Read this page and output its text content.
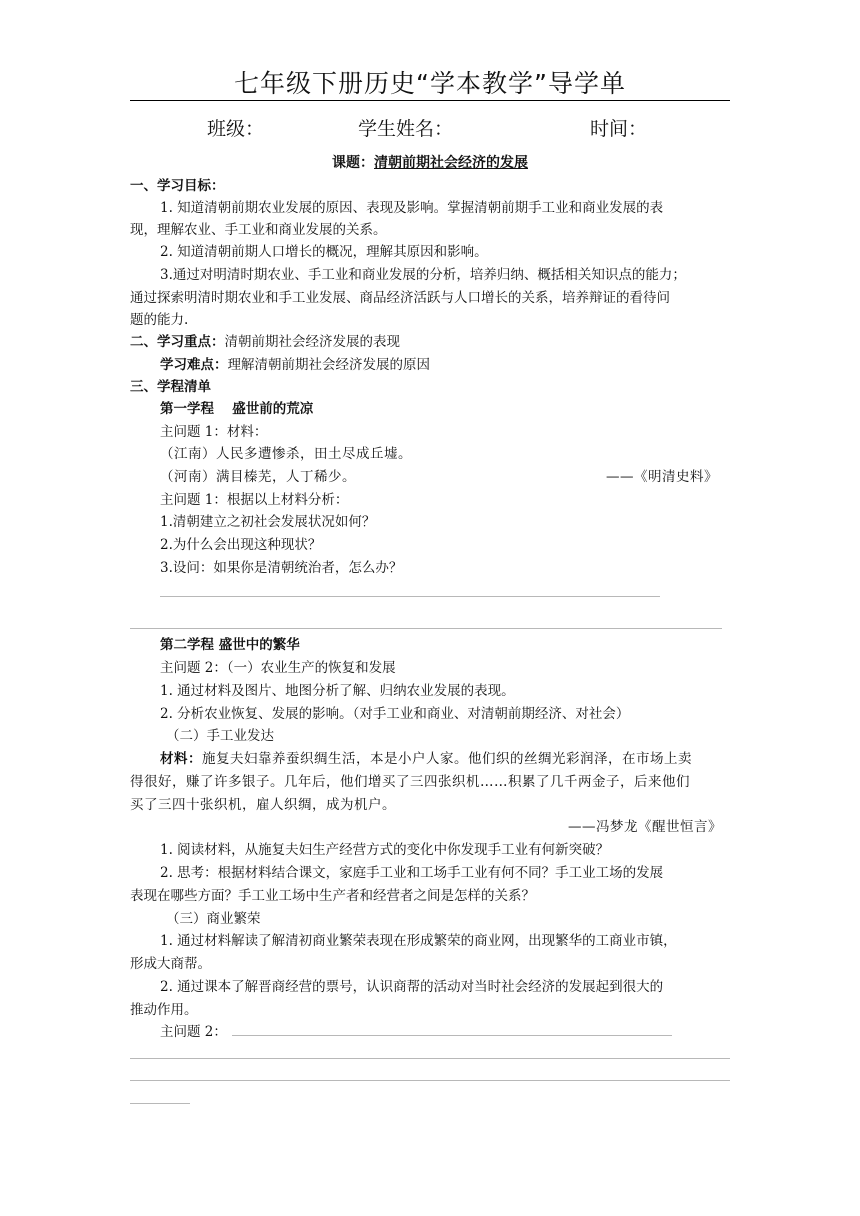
七年级下册历史“学本教学”导学单
班级：	学生姓名：	时间：
课题：清朝前期社会经济的发展
一、学习目标：
1. 知道清朝前期农业发展的原因、表现及影响。掌握清朝前期手工业和商业发展的表
现，理解农业、手工业和商业发展的关系。
2. 知道清朝前期人口增长的概况，理解其原因和影响。
3.通过对明清时期农业、手工业和商业发展的分析，培养归纳、概括相关知识点的能力；
通过探索明清时期农业和手工业发展、商品经济活跃与人口增长的关系，培养辩证的看待问
题的能力.
二、学习重点：清朝前期社会经济发展的表现
学习难点：理解清朝前期社会经济发展的原因
三、学程清单
第一学程　 盛世前的荒凉
主问题 1：材料：
（江南）人民多遭惨杀，田土尽成丘墟。
（河南）满目榛芜，人丁稀少。	——《明清史料》
主问题 1：根据以上材料分析：
1.清朝建立之初社会发展状况如何？
2.为什么会出现这种现状？
3.设问：如果你是清朝统治者，怎么办？
第二学程 盛世中的繁华
主问题 2：（一）农业生产的恢复和发展
1. 通过材料及图片、地图分析了解、归纳农业发展的表现。
2. 分析农业恢复、发展的影响。（对手工业和商业、对清朝前期经济、对社会）
（二）手工业发达
材料：施复夫妇靠养蚕织绸生活，本是小户人家。他们织的丝绸光彩润泽，在市场上卖
得很好，赚了许多银子。几年后，他们增买了三四张织机……积累了几千两金子，后来他们
买了三四十张织机，雇人织绸，成为机户。
——冯梦龙《醒世恒言》
1. 阅读材料，从施复夫妇生产经营方式的变化中你发现手工业有何新突破？
2. 思考：根据材料结合课文，家庭手工业和工场手工业有何不同？手工业工场的发展
表现在哪些方面？手工业工场中生产者和经营者之间是怎样的关系？
（三）商业繁荣
1. 通过材料解读了解清初商业繁荣表现在形成繁荣的商业网，出现繁华的工商业市镇，
形成大商帮。
2. 通过课本了解晋商经营的票号，认识商帮的活动对当时社会经济的发展起到很大的
推动作用。
主问题 2：
